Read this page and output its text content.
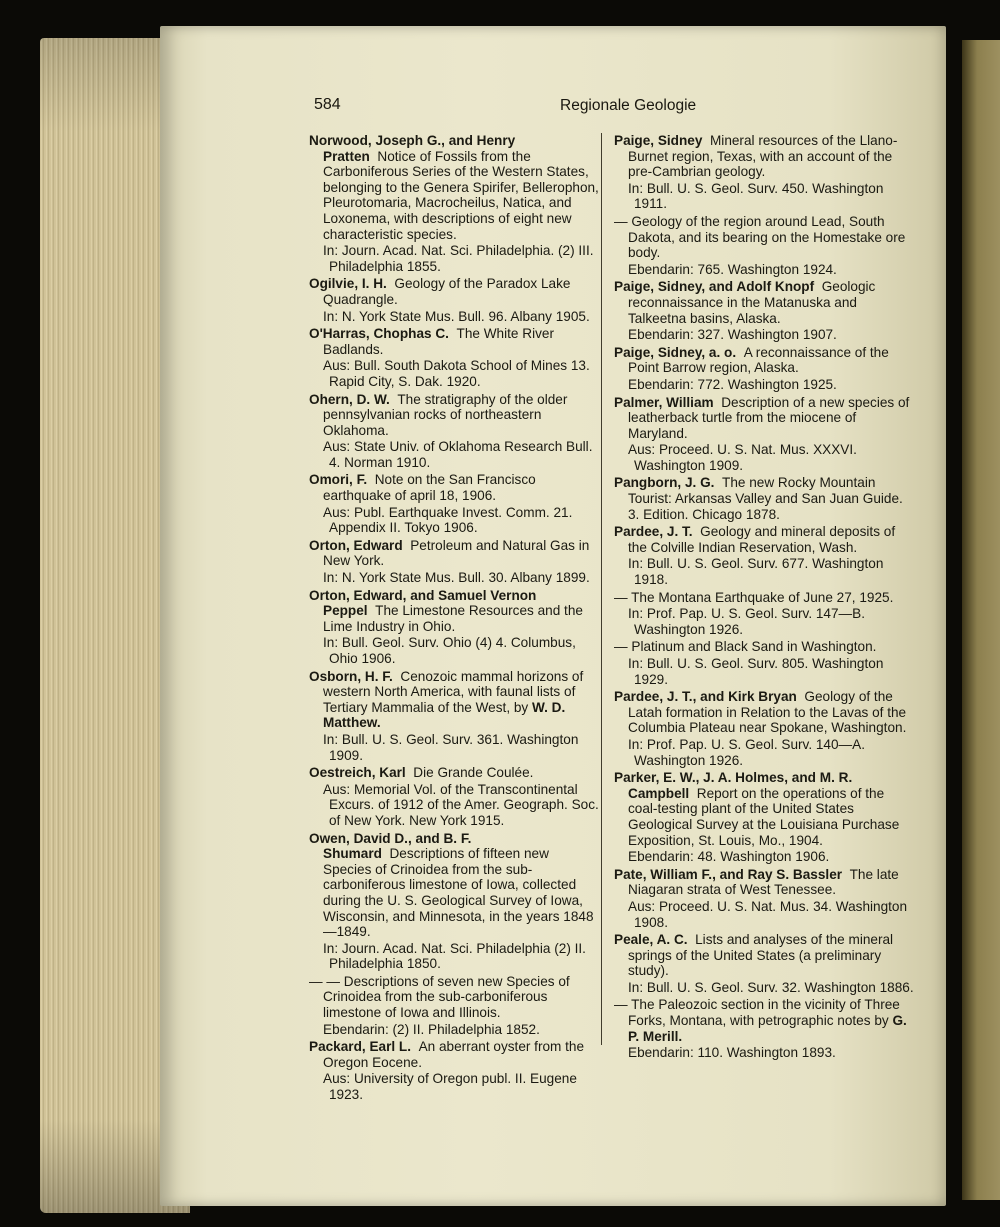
584	Regionale Geologie
Norwood, Joseph G., and Henry Pratten Notice of Fossils from the Carboniferous Series of the Western States, belonging to the Genera Spirifer, Bellerophon, Pleurotomaria, Macrocheilus, Natica, and Loxonema, with descriptions of eight new characteristic species.
In: Journ. Acad. Nat. Sci. Philadelphia. (2) III. Philadelphia 1855.
Ogilvie, I. H. Geology of the Paradox Lake Quadrangle.
In: N. York State Mus. Bull. 96. Albany 1905.
O'Harras, Chophas C. The White River Badlands.
Aus: Bull. South Dakota School of Mines 13. Rapid City, S. Dak. 1920.
Ohern, D. W. The stratigraphy of the older pennsylvanian rocks of northeastern Oklahoma.
Aus: State Univ. of Oklahoma Research Bull. 4. Norman 1910.
Omori, F. Note on the San Francisco earthquake of april 18, 1906.
Aus: Publ. Earthquake Invest. Comm. 21. Appendix II. Tokyo 1906.
Orton, Edward Petroleum and Natural Gas in New York.
In: N. York State Mus. Bull. 30. Albany 1899.
Orton, Edward, and Samuel Vernon Peppel The Limestone Resources and the Lime Industry in Ohio.
In: Bull. Geol. Surv. Ohio (4) 4. Columbus, Ohio 1906.
Osborn, H. F. Cenozoic mammal horizons of western North America, with faunal lists of Tertiary Mammalia of the West, by W. D. Matthew.
In: Bull. U. S. Geol. Surv. 361. Washington 1909.
Oestreich, Karl Die Grande Coulée.
Aus: Memorial Vol. of the Transcontinental Excurs. of 1912 of the Amer. Geograph. Soc. of New York. New York 1915.
Owen, David D., and B. F. Shumard Descriptions of fifteen new Species of Crinoidea from the sub-carboniferous limestone of Iowa, collected during the U. S. Geological Survey of Iowa, Wisconsin, and Minnesota, in the years 1848—1849.
In: Journ. Acad. Nat. Sci. Philadelphia (2) II. Philadelphia 1850.
— — Descriptions of seven new Species of Crinoidea from the sub-carboniferous limestone of Iowa and Illinois.
Ebendarin: (2) II. Philadelphia 1852.
Packard, Earl L. An aberrant oyster from the Oregon Eocene.
Aus: University of Oregon publ. II. Eugene 1923.
Paige, Sidney Mineral resources of the Llano-Burnet region, Texas, with an account of the pre-Cambrian geology.
In: Bull. U. S. Geol. Surv. 450. Washington 1911.
— Geology of the region around Lead, South Dakota, and its bearing on the Homestake ore body.
Ebendarin: 765. Washington 1924.
Paige, Sidney, and Adolf Knopf Geologic reconnaissance in the Matanuska and Talkeetna basins, Alaska.
Ebendarin: 327. Washington 1907.
Paige, Sidney, a. o. A reconnaissance of the Point Barrow region, Alaska.
Ebendarin: 772. Washington 1925.
Palmer, William Description of a new species of leatherback turtle from the miocene of Maryland.
Aus: Proceed. U. S. Nat. Mus. XXXVI. Washington 1909.
Pangborn, J. G. The new Rocky Mountain Tourist: Arkansas Valley and San Juan Guide. 3. Edition. Chicago 1878.
Pardee, J. T. Geology and mineral deposits of the Colville Indian Reservation, Wash.
In: Bull. U. S. Geol. Surv. 677. Washington 1918.
— The Montana Earthquake of June 27, 1925.
In: Prof. Pap. U. S. Geol. Surv. 147—B. Washington 1926.
— Platinum and Black Sand in Washington.
In: Bull. U. S. Geol. Surv. 805. Washington 1929.
Pardee, J. T., and Kirk Bryan Geology of the Latah formation in Relation to the Lavas of the Columbia Plateau near Spokane, Washington.
In: Prof. Pap. U. S. Geol. Surv. 140—A. Washington 1926.
Parker, E. W., J. A. Holmes, and M. R. Campbell Report on the operations of the coal-testing plant of the United States Geological Survey at the Louisiana Purchase Exposition, St. Louis, Mo., 1904.
Ebendarin: 48. Washington 1906.
Pate, William F., and Ray S. Bassler The late Niagaran strata of West Tenessee.
Aus: Proceed. U. S. Nat. Mus. 34. Washington 1908.
Peale, A. C. Lists and analyses of the mineral springs of the United States (a preliminary study).
In: Bull. U. S. Geol. Surv. 32. Washington 1886.
— The Paleozoic section in the vicinity of Three Forks, Montana, with petrographic notes by G. P. Merill.
Ebendarin: 110. Washington 1893.
